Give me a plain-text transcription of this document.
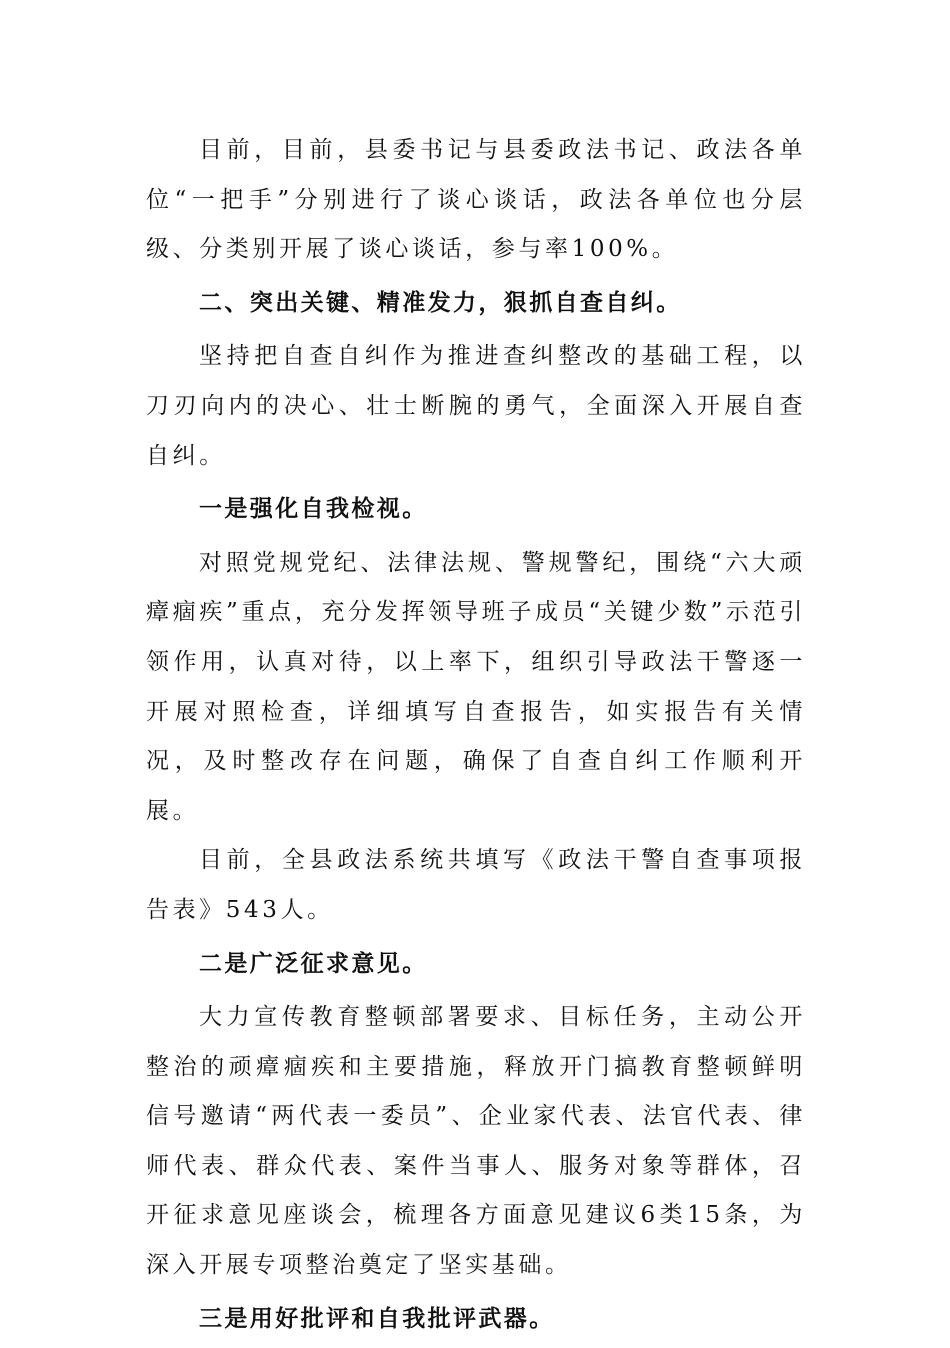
目前，目前，县委书记与县委政法书记、政法各单位“一把手”分别进行了谈心谈话，政法各单位也分层级、分类别开展了谈心谈话，参与率100%。

二、突出关键、精准发力，狠抓自查自纠。

坚持把自查自纠作为推进查纠整改的基础工程，以刀刃向内的决心、壮士断腕的勇气，全面深入开展自查自纠。

一是强化自我检视。

对照党规党纪、法律法规、警规警纪，围绕“六大顽瘴痼疾”重点，充分发挥领导班子成员“关键少数”示范引领作用，认真对待，以上率下，组织引导政法干警逐一开展对照检查，详细填写自查报告，如实报告有关情况，及时整改存在问题，确保了自查自纠工作顺利开展。

目前，全县政法系统共填写《政法干警自查事项报告表》543人。

二是广泛征求意见。

大力宣传教育整顿部署要求、目标任务，主动公开整治的顽瘴痼疾和主要措施，释放开门搞教育整顿鲜明信号邀请“两代表一委员”、企业家代表、法官代表、律师代表、群众代表、案件当事人、服务对象等群体，召开征求意见座谈会，梳理各方面意见建议6类15条，为深入开展专项整治奠定了坚实基础。

三是用好批评和自我批评武器。
